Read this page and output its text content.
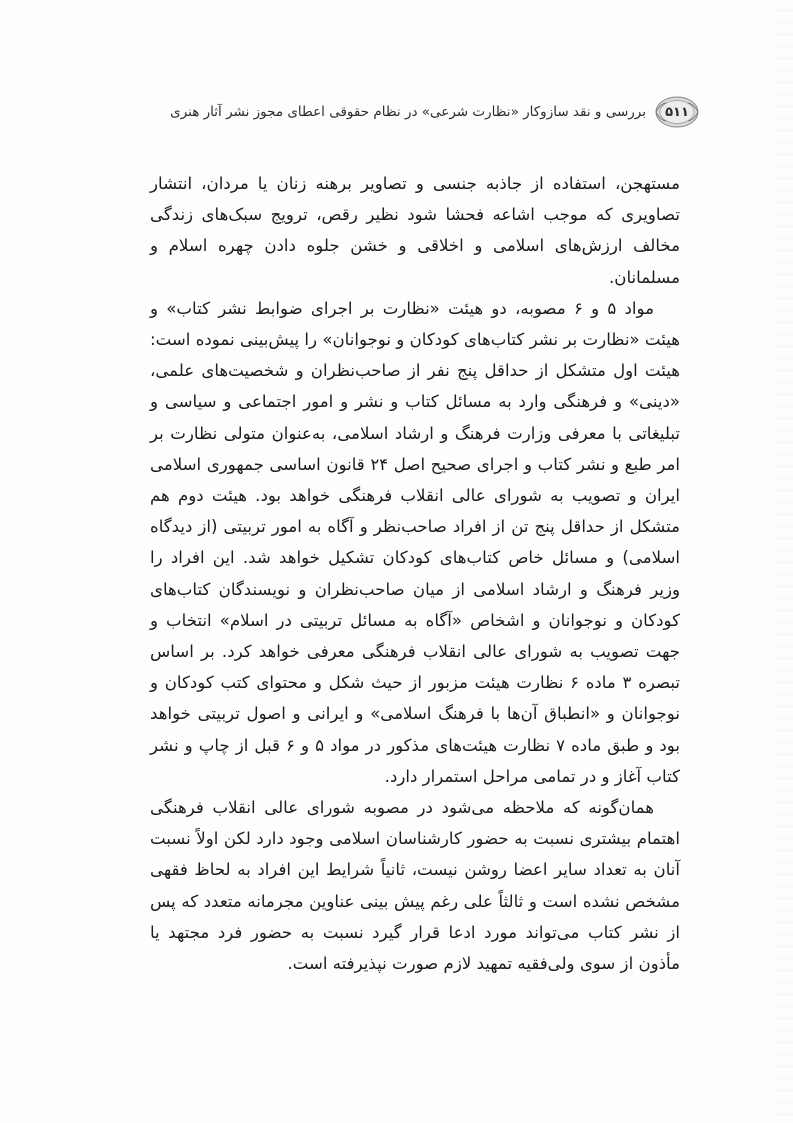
۵۱۱
بررسی و نقد سازوکار «نظارت شرعی» در نظام حقوقی اعطای مجوز نشر آثار هنری

مستهجن، استفاده از جاذبه جنسی و تصاویر برهنه زنان یا مردان، انتشار تصاویری که موجب اشاعه فحشا شود نظیر رقص، ترویج سبک‌های زندگی مخالف ارزش‌های اسلامی و اخلاقی و خشن جلوه دادن چهره اسلام و مسلمانان.

مواد ۵ و ۶ مصوبه، دو هیئت «نظارت بر اجرای ضوابط نشر کتاب» و هیئت «نظارت بر نشر کتاب‌های کودکان و نوجوانان» را پیش‌بینی نموده است: هیئت اول متشکل از حداقل پنج نفر از صاحب‌نظران و شخصیت‌های علمی، «دینی» و فرهنگی وارد به مسائل کتاب و نشر و امور اجتماعی و سیاسی و تبلیغاتی با معرفی وزارت فرهنگ و ارشاد اسلامی، به‌عنوان متولی نظارت بر امر طبع و نشر کتاب و اجرای صحیح اصل ۲۴ قانون اساسی جمهوری اسلامی ایران و تصویب به شورای عالی انقلاب فرهنگی خواهد بود. هیئت دوم هم متشکل از حداقل پنج تن از افراد صاحب‌نظر و آگاه به امور تربیتی (از دیدگاه اسلامی) و مسائل خاص کتاب‌های کودکان تشکیل خواهد شد. این افراد را وزیر فرهنگ و ارشاد اسلامی از میان صاحب‌نظران و نویسندگان کتاب‌های کودکان و نوجوانان و اشخاص «آگاه به مسائل تربیتی در اسلام» انتخاب و جهت تصویب به شورای عالی انقلاب فرهنگی معرفی خواهد کرد. بر اساس تبصره ۳ ماده ۶ نظارت هیئت مزبور از حیث شکل و محتوای کتب کودکان و نوجوانان و «انطباق آن‌ها با فرهنگ اسلامی» و ایرانی و اصول تربیتی خواهد بود و طبق ماده ۷ نظارت هیئت‌های مذکور در مواد ۵ و ۶ قبل از چاپ و نشر کتاب آغاز و در تمامی مراحل استمرار دارد.

همان‌گونه که ملاحظه می‌شود در مصوبه شورای عالی انقلاب فرهنگی اهتمام بیشتری نسبت به حضور کارشناسان اسلامی وجود دارد لکن اولاً نسبت آنان به تعداد سایر اعضا روشن نیست، ثانیاً شرایط این افراد به لحاظ فقهی مشخص نشده است و ثالثاً علی رغم پیش بینی عناوین مجرمانه متعدد که پس از نشر کتاب می‌تواند مورد ادعا قرار گیرد نسبت به حضور فرد مجتهد یا مأذون از سوی ولی‌فقیه تمهید لازم صورت نپذیرفته است.
